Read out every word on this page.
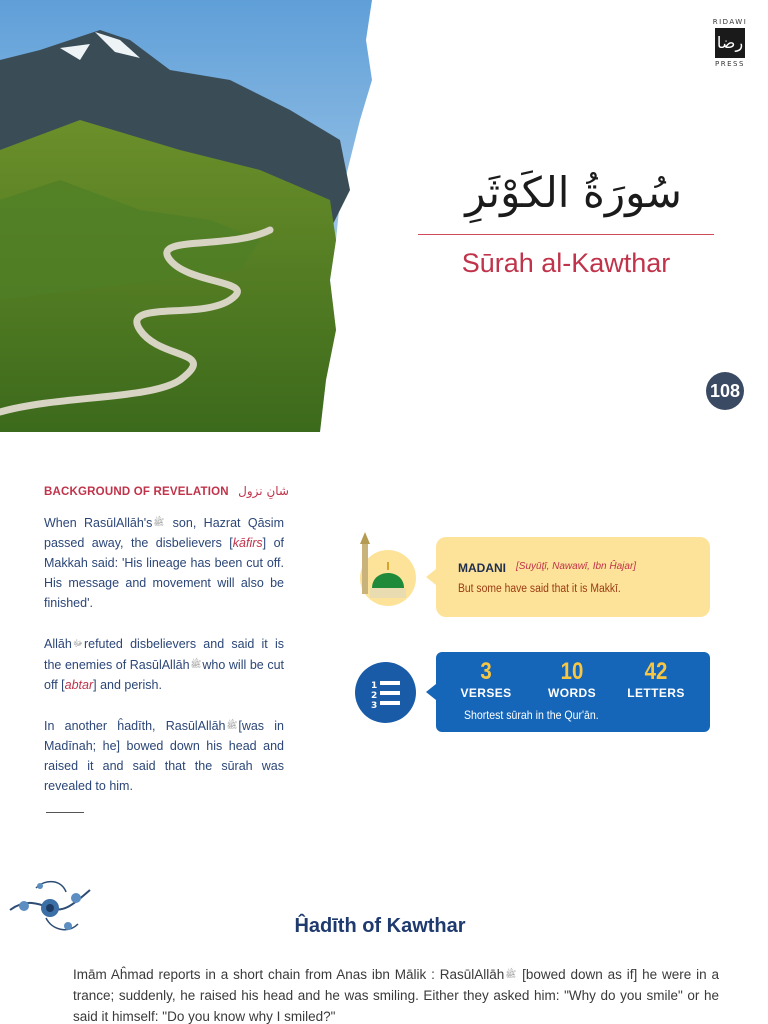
RIDAWI
رضا
PRESS
سُورَةُ الكَوْثَرِ
Sūrah al-Kawthar
108
BACKGROUND OF REVELATION شانِ نزول

When RasūlAllāh'sﷺ son, Hazrat Qāsim passed away, the disbelievers [kāfirs] of Makkah said: 'His lineage has been cut off. His message and movement will also be finished'.

Allāhﷻrefuted disbelievers and said it is the enemies of RasūlAllāhﷺwho will be cut off [abtar] and perish.

In another ĥadīth, RasūlAllāhﷺ[was in Madīnah; he] bowed down his head and raised it and said that the sūrah was revealed to him.

MADANI [Suyūţī, Nawawī, Ibn Ĥajar]
But some have said that it is Makkī.
1
2
3
3
VERSES
10
WORDS
42
LETTERS
Shortest sūrah in the Qur'ān.
Ĥadīth of Kawthar
Imām Aĥmad reports in a short chain from Anas ibn Mālik : RasūlAllāhﷺ [bowed down as if] he were in a trance; suddenly, he raised his head and he was smiling. Either they asked him: "Why do you smile" or he said it himself: "Do you know why I smiled?"
